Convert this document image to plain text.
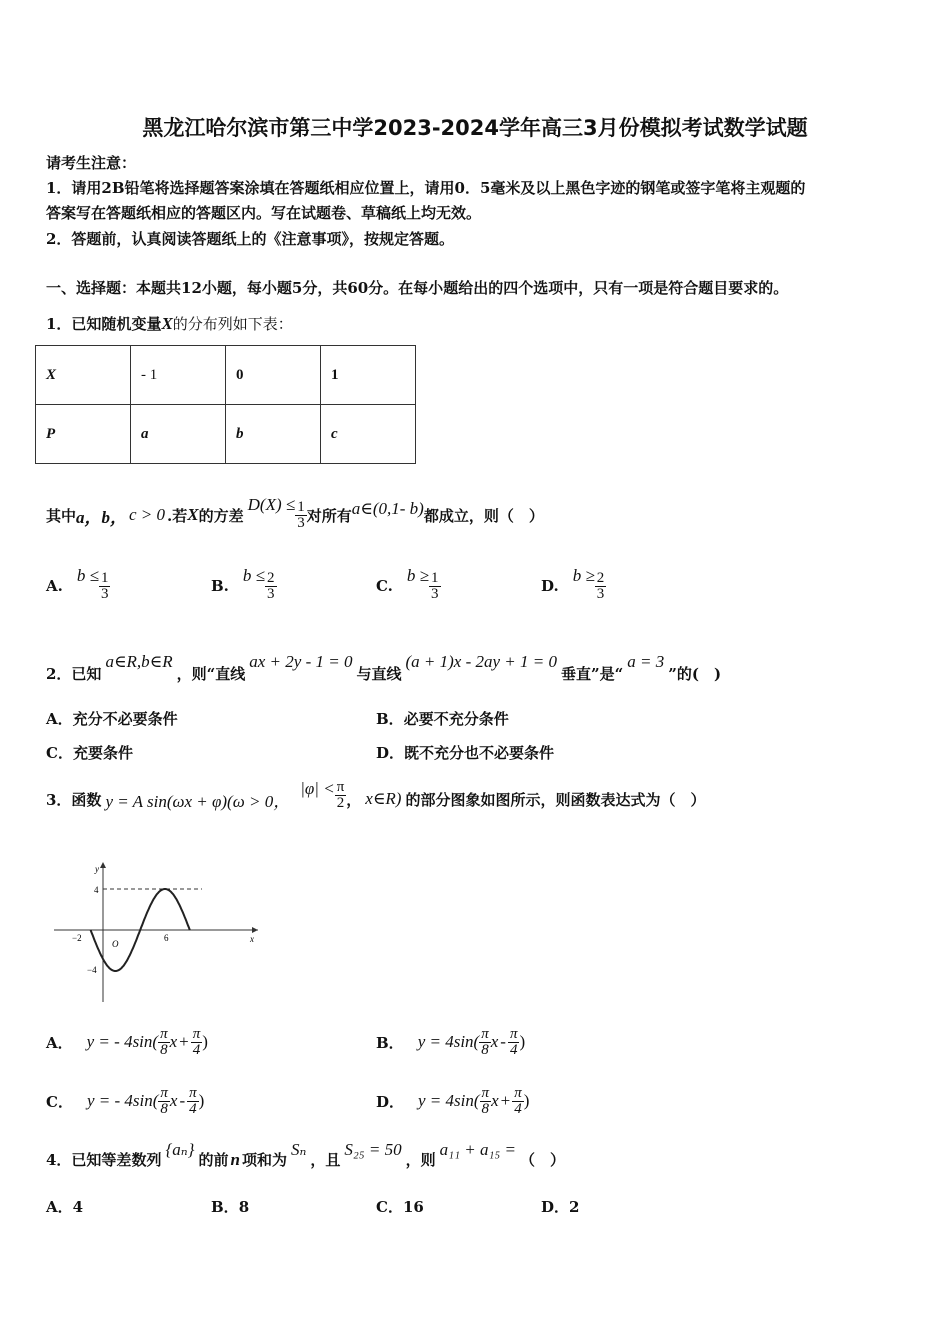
黑龙江哈尔滨市第三中学2023-2024学年高三3月份模拟考试数学试题
请考生注意：
1．请用2B铅笔将选择题答案涂填在答题纸相应位置上，请用0．5毫米及以上黑色字迹的钢笔或签字笔将主观题的
答案写在答题纸相应的答题区内。写在试题卷、草稿纸上均无效。
2．答题前，认真阅读答题纸上的《注意事项》，按规定答题。
一、选择题：本题共12小题，每小题5分，共60分。在每小题给出的四个选项中，只有一项是符合题目要求的。
1．已知随机变量X的分布列如下表：
X	- 1	0	1
P	a	b	c
其中 a，b， c > 0 .若 X 的方差
$D(X) \le \frac{1}{3}$ 对所有 a∈(0,1- b) 都成立，则（　）
A.
$b \le \frac{1}{3}$	B.
$b \le \frac{2}{3}$	C.
$b \ge \frac{1}{3}$	D.
$b \ge \frac{2}{3}$
2．已知
a∈R,b∈R
，则“直线
ax + 2y - 1 = 0
与直线
(a + 1)x - 2ay + 1 = 0
垂直”是“
a = 3
”的(　)
A．充分不必要条件	B．必要不充分条件
C．充要条件	D．既不充分也不必要条件
3．函数 y = A sin(ωx + φ)(ω > 0，
$|\varphi| < \frac{\pi}{2}$ ， x∈R) 的部分图象如图所示，则函数表达式为（　）
y
x
O
4
−4
−2	6
A． y = - $4\sin( \frac{\pi}{8}$ $x + \frac{\pi}{4}$ )	B． $y = 4\sin( \frac{\pi}{8}$ x - $\frac{\pi}{4}$ )
C． y = - $4\sin( \frac{\pi}{8}$ x - $\frac{\pi}{4}$ )	D． $y = 4\sin( \frac{\pi}{8}$ $x + \frac{\pi}{4}$ )
4．已知等差数列
{aₙ}
的前 n 项和为
Sₙ
，且
S₂₅ = 50
，则
a₁₁ + a₁₅ =
（　）
A．4	B．8	C．16	D．2
